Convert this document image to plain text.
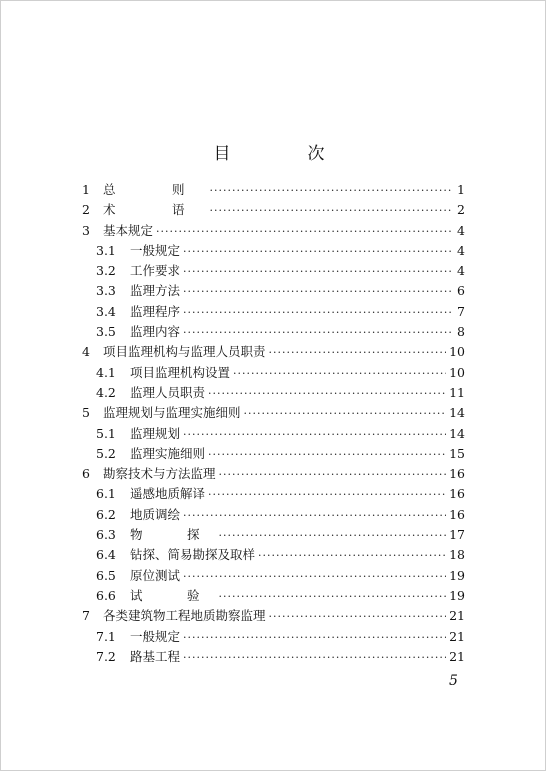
目　次
1	总　则 ·····	1
2	术　语 ·····	2
3	基本规定 ·····	4
3.1	一般规定 ·····	4
3.2	工作要求 ·····	4
3.3	监理方法 ·····	6
3.4	监理程序 ·····	7
3.5	监理内容 ·····	8
4	项目监理机构与监理人员职责 ·····	10
4.1	项目监理机构设置 ·····	10
4.2	监理人员职责 ·····	11
5	监理规划与监理实施细则 ·····	14
5.1	监理规划 ·····	14
5.2	监理实施细则 ·····	15
6	勘察技术与方法监理 ·····	16
6.1	遥感地质解译 ·····	16
6.2	地质调绘 ·····	16
6.3	物　探 ·····	17
6.4	钻探、简易勘探及取样 ·····	18
6.5	原位测试 ·····	19
6.6	试　验 ·····	19
7	各类建筑物工程地质勘察监理 ·····	21
7.1	一般规定 ·····	21
7.2	路基工程 ·····	21
5
